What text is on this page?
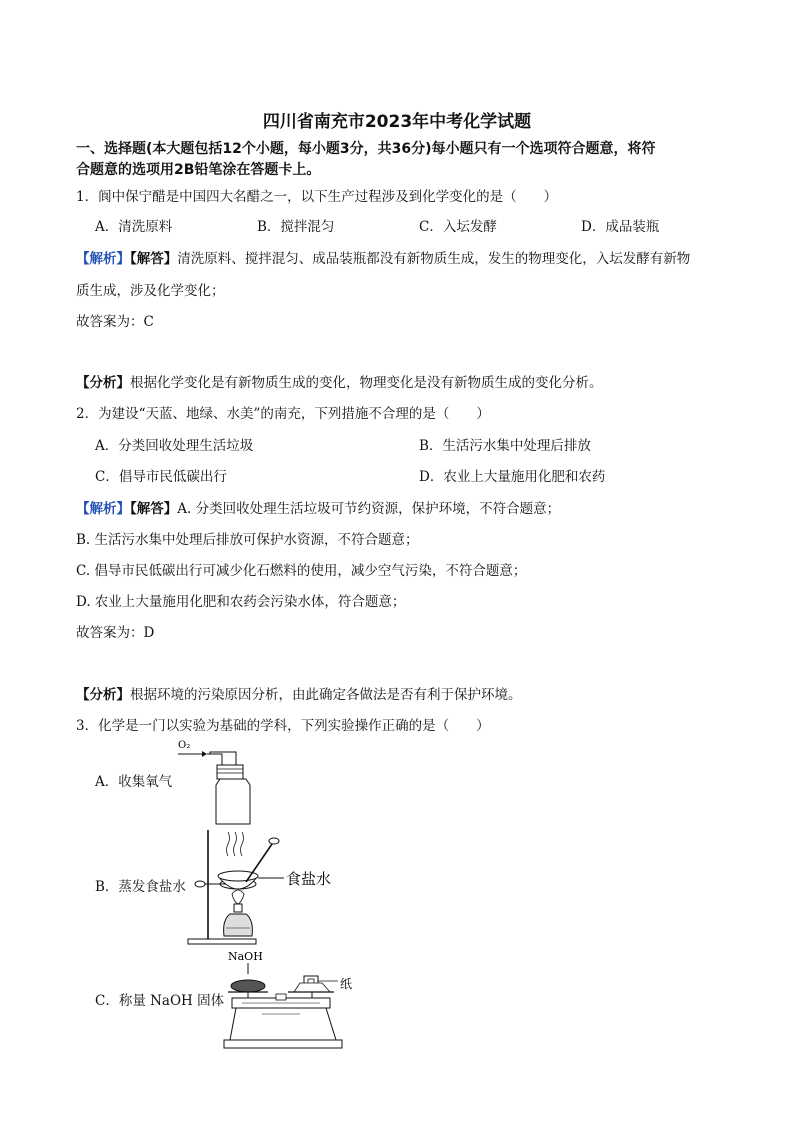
四川省南充市2023年中考化学试题
一、选择题(本大题包括12个小题，每小题3分，共36分)每小题只有一个选项符合题意，将符
合题意的选项用2B铅笔涂在答题卡上。
1．阆中保宁醋是中国四大名醋之一，以下生产过程涉及到化学变化的是（　　）
A．清洗原料	B．搅拌混匀	C．入坛发酵	D．成品装瓶
【解析】【解答】清洗原料、搅拌混匀、成品装瓶都没有新物质生成，发生的物理变化，入坛发酵有新物
质生成，涉及化学变化；
故答案为：C
【分析】根据化学变化是有新物质生成的变化，物理变化是没有新物质生成的变化分析。
2．为建设“天蓝、地绿、水美”的南充，下列措施不合理的是（　　）
A．分类回收处理生活垃圾	B．生活污水集中处理后排放
C．倡导市民低碳出行	D．农业上大量施用化肥和农药
【解析】【解答】A. 分类回收处理生活垃圾可节约资源，保护环境，不符合题意；
B. 生活污水集中处理后排放可保护水资源，不符合题意；
C. 倡导市民低碳出行可减少化石燃料的使用，减少空气污染，不符合题意；
D. 农业上大量施用化肥和农药会污染水体，符合题意；
故答案为：D
【分析】根据环境的污染原因分析，由此确定各做法是否有利于保护环境。
3．化学是一门以实验为基础的学科，下列实验操作正确的是（　　）
A．收集氧气
B．蒸发食盐水
C．称量 NaOH 固体
O₂
食盐水
NaOH
纸
